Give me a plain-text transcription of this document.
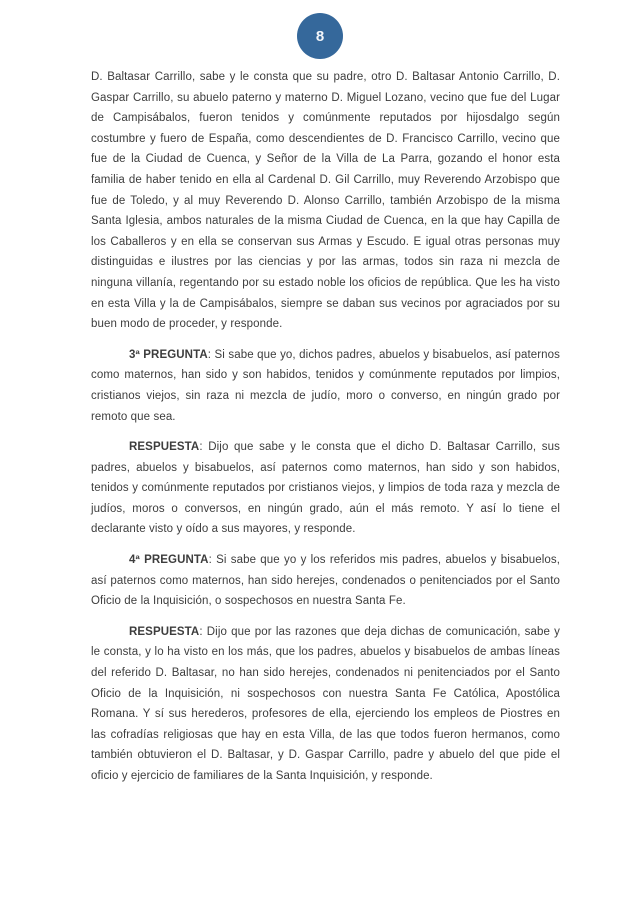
8

D. Baltasar Carrillo, sabe y le consta que su padre, otro D. Baltasar Antonio Carrillo, D. Gaspar Carrillo, su abuelo paterno y materno D. Miguel Lozano, vecino que fue del Lugar de Campisábalos, fueron tenidos y comúnmente reputados por hijosdalgo según costumbre y fuero de España, como descendientes de D. Francisco Carrillo, vecino que fue de la Ciudad de Cuenca, y Señor de la Villa de La Parra, gozando el honor esta familia de haber tenido en ella al Cardenal D. Gil Carrillo, muy Reverendo Arzobispo que fue de Toledo, y al muy Reverendo D. Alonso Carrillo, también Arzobispo de la misma Santa Iglesia, ambos naturales de la misma Ciudad de Cuenca, en la que hay Capilla de los Caballeros y en ella se conservan sus Armas y Escudo. E igual otras personas muy distinguidas e ilustres por las ciencias y por las armas, todos sin raza ni mezcla de ninguna villanía, regentando por su estado noble los oficios de república. Que les ha visto en esta Villa y la de Campisábalos, siempre se daban sus vecinos por agraciados por su buen modo de proceder, y responde.

3ª PREGUNTA: Si sabe que yo, dichos padres, abuelos y bisabuelos, así paternos como maternos, han sido y son habidos, tenidos y comúnmente reputados por limpios, cristianos viejos, sin raza ni mezcla de judío, moro o converso, en ningún grado por remoto que sea.

RESPUESTA: Dijo que sabe y le consta que el dicho D. Baltasar Carrillo, sus padres, abuelos y bisabuelos, así paternos como maternos, han sido y son habidos, tenidos y comúnmente reputados por cristianos viejos, y limpios de toda raza y mezcla de judíos, moros o conversos, en ningún grado, aún el más remoto. Y así lo tiene el declarante visto y oído a sus mayores, y responde.

4ª PREGUNTA: Si sabe que yo y los referidos mis padres, abuelos y bisabuelos, así paternos como maternos, han sido herejes, condenados o penitenciados por el Santo Oficio de la Inquisición, o sospechosos en nuestra Santa Fe.

RESPUESTA: Dijo que por las razones que deja dichas de comunicación, sabe y le consta, y lo ha visto en los más, que los padres, abuelos y bisabuelos de ambas líneas del referido D. Baltasar, no han sido herejes, condenados ni penitenciados por el Santo Oficio de la Inquisición, ni sospechosos con nuestra Santa Fe Católica, Apostólica Romana. Y sí sus herederos, profesores de ella, ejerciendo los empleos de Piostres en las cofradías religiosas que hay en esta Villa, de las que todos fueron hermanos, como también obtuvieron el D. Baltasar, y D. Gaspar Carrillo, padre y abuelo del que pide el oficio y ejercicio de familiares de la Santa Inquisición, y responde.
